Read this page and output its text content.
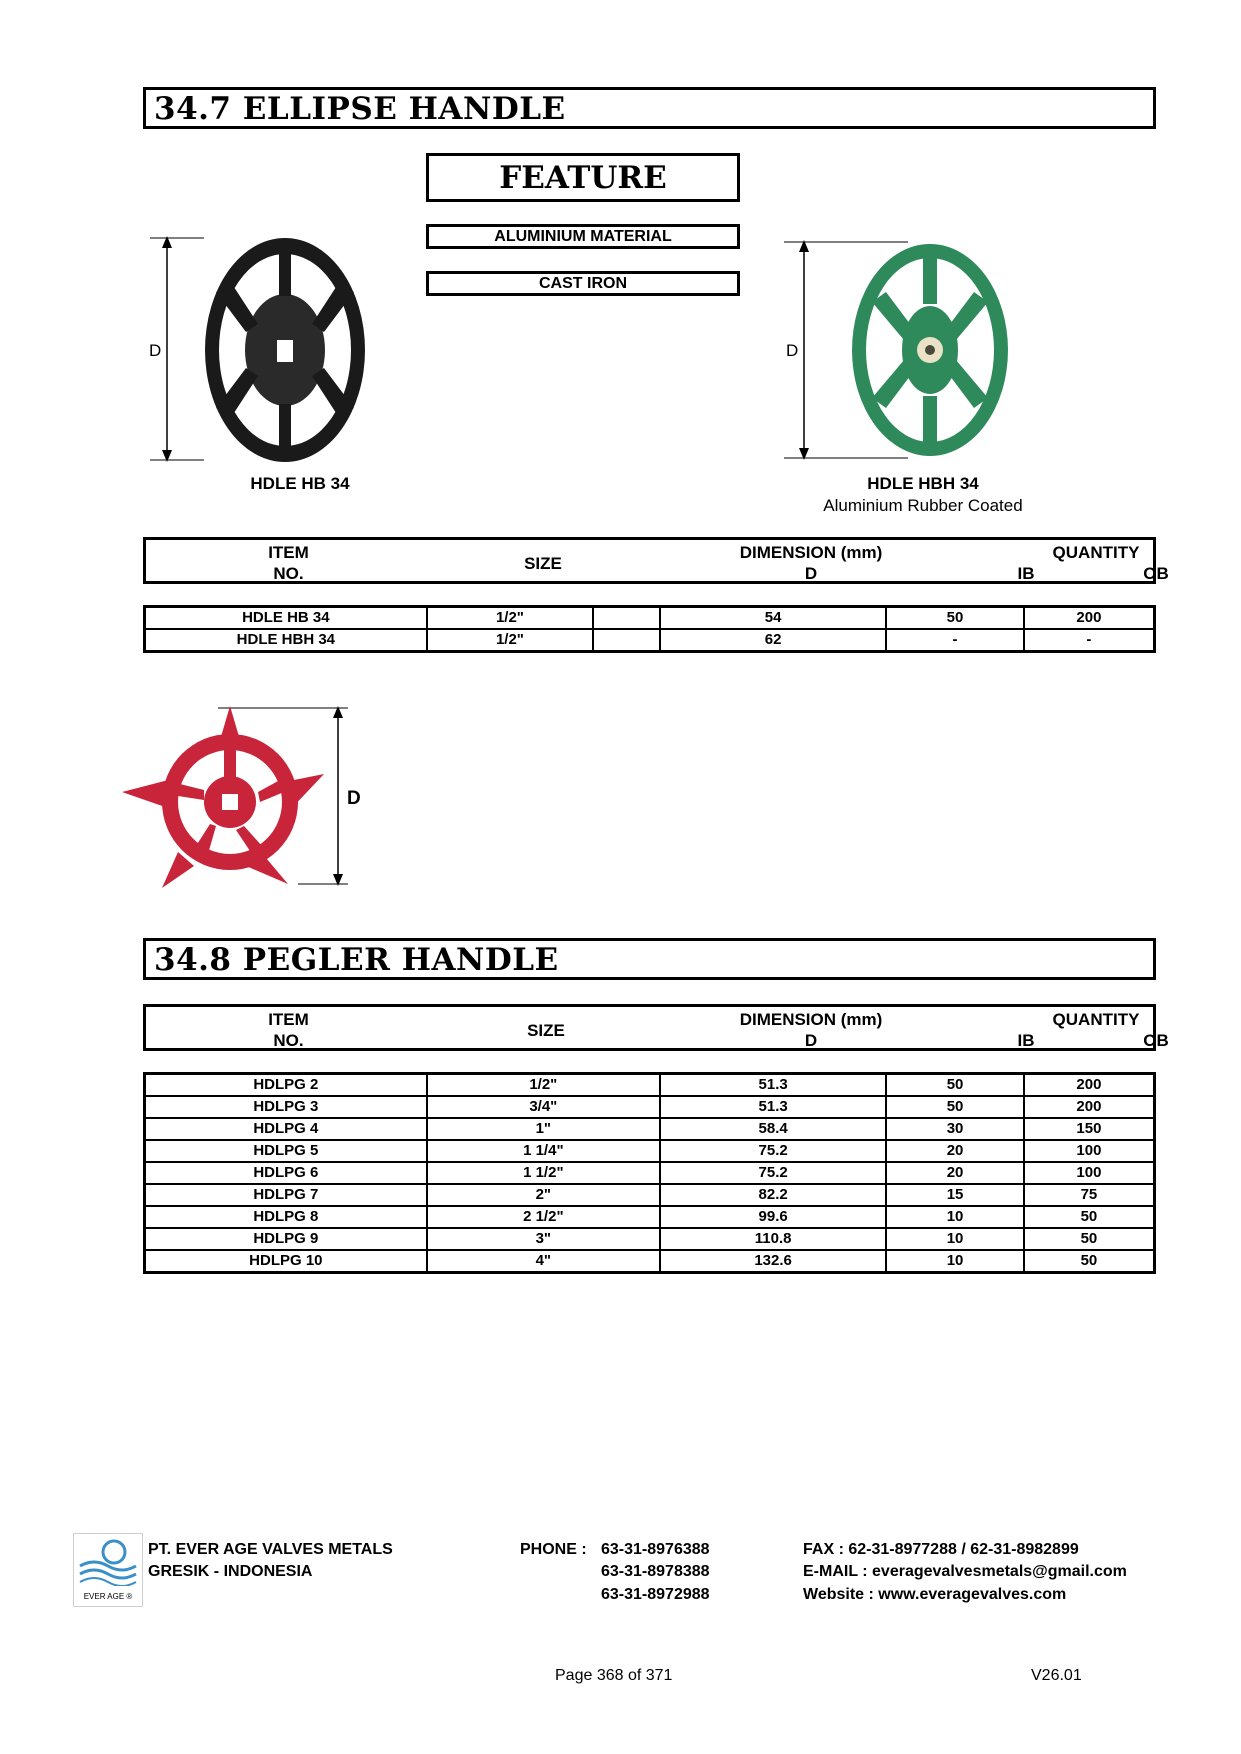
34.7 ELLIPSE HANDLE
FEATURE
ALUMINIUM MATERIAL
CAST IRON
D	D
HDLE HB 34	HDLE HBH 34
Aluminium Rubber Coated
ITEM
NO.
SIZE
DIMENSION (mm)
D
QUANTITY
IB	OB
HDLE HB 34	1/2"		54	50	200
HDLE HBH 34	1/2"		62	-	-
D
34.8 PEGLER HANDLE
ITEM
NO.
SIZE
DIMENSION (mm)
D
QUANTITY
IB	OB
HDLPG 2	1/2"	51.3	50	200
HDLPG 3	3/4"	51.3	50	200
HDLPG 4	1"	58.4	30	150
HDLPG 5	1 1/4"	75.2	20	100
HDLPG 6	1 1/2"	75.2	20	100
HDLPG 7	2"	82.2	15	75
HDLPG 8	2 1/2"	99.6	10	50
HDLPG 9	3"	110.8	10	50
HDLPG 10	4"	132.6	10	50
EVER AGE ®
PT. EVER AGE VALVES METALS
GRESIK - INDONESIA
PHONE : 63-31-8976388
63-31-8978388
63-31-8972988
FAX : 62-31-8977288 / 62-31-8982899
E-MAIL : everagevalvesmetals@gmail.com
Website : www.everagevalves.com
Page 368 of 371	V26.01
